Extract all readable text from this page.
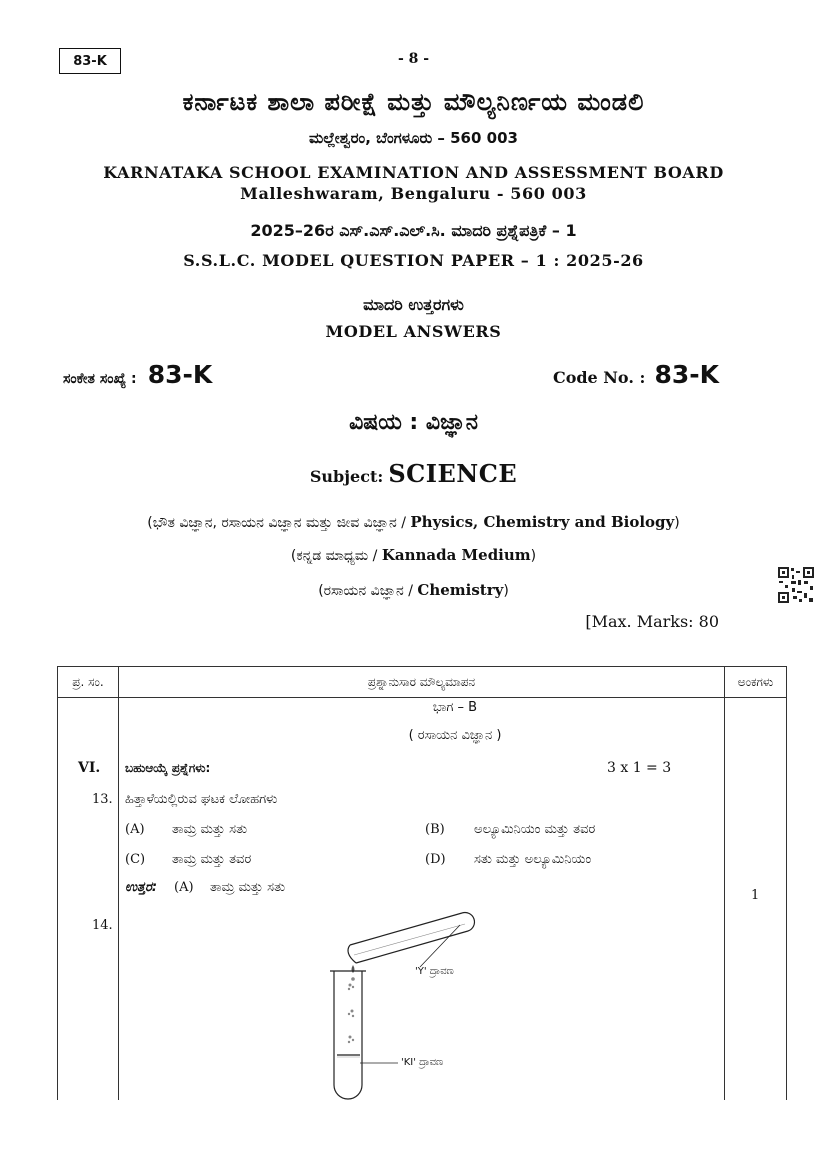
83-K	- 8 -
ಕರ್ನಾಟಕ ಶಾಲಾ ಪರೀಕ್ಷೆ ಮತ್ತು ಮೌಲ್ಯನಿರ್ಣಯ ಮಂಡಲಿ
ಮಲ್ಲೇಶ್ವರಂ, ಬೆಂಗಳೂರು – 560 003
KARNATAKA SCHOOL EXAMINATION AND ASSESSMENT BOARD
Malleshwaram, Bengaluru - 560 003
2025–26ರ ಎಸ್.ಎಸ್.ಎಲ್.ಸಿ. ಮಾದರಿ ಪ್ರಶ್ನೆಪತ್ರಿಕೆ – 1
S.S.L.C. MODEL QUESTION PAPER – 1 : 2025-26
ಮಾದರಿ ಉತ್ತರಗಳು
MODEL ANSWERS
ಸಂಕೇತ ಸಂಖ್ಯೆ : 83-K	Code No. : 83-K
ವಿಷಯ : ವಿಜ್ಞಾನ
Subject: SCIENCE
(ಭೌತ ವಿಜ್ಞಾನ, ರಸಾಯನ ವಿಜ್ಞಾನ ಮತ್ತು ಜೀವ ವಿಜ್ಞಾನ / Physics, Chemistry and Biology)
(ಕನ್ನಡ ಮಾಧ್ಯಮ / Kannada Medium)
(ರಸಾಯನ ವಿಜ್ಞಾನ / Chemistry)
[Max. Marks: 80
ಪ್ರ. ಸಂ.	ಪ್ರಶ್ನಾನುಸಾರ ಮೌಲ್ಯಮಾಪನ	ಅಂಕಗಳು

ಭಾಗ – B
( ರಸಾಯನ ವಿಜ್ಞಾನ )
VI. ಬಹುಆಯ್ಕೆ ಪ್ರಶ್ನೆಗಳು:	3 x 1 = 3
13. ಹಿತ್ತಾಳೆಯಲ್ಲಿರುವ ಘಟಕ ಲೋಹಗಳು
(A) ತಾಮ್ರ ಮತ್ತು ಸತು	(B) ಅಲ್ಯೂಮಿನಿಯಂ ಮತ್ತು ತವರ
(C) ತಾಮ್ರ ಮತ್ತು ತವರ	(D) ಸತು ಮತ್ತು ಅಲ್ಯೂಮಿನಿಯಂ
ಉತ್ತರ: (A) ತಾಮ್ರ ಮತ್ತು ಸತು
1
14.
'Y' ದ್ರಾವಣ
'KI' ದ್ರಾವಣ
